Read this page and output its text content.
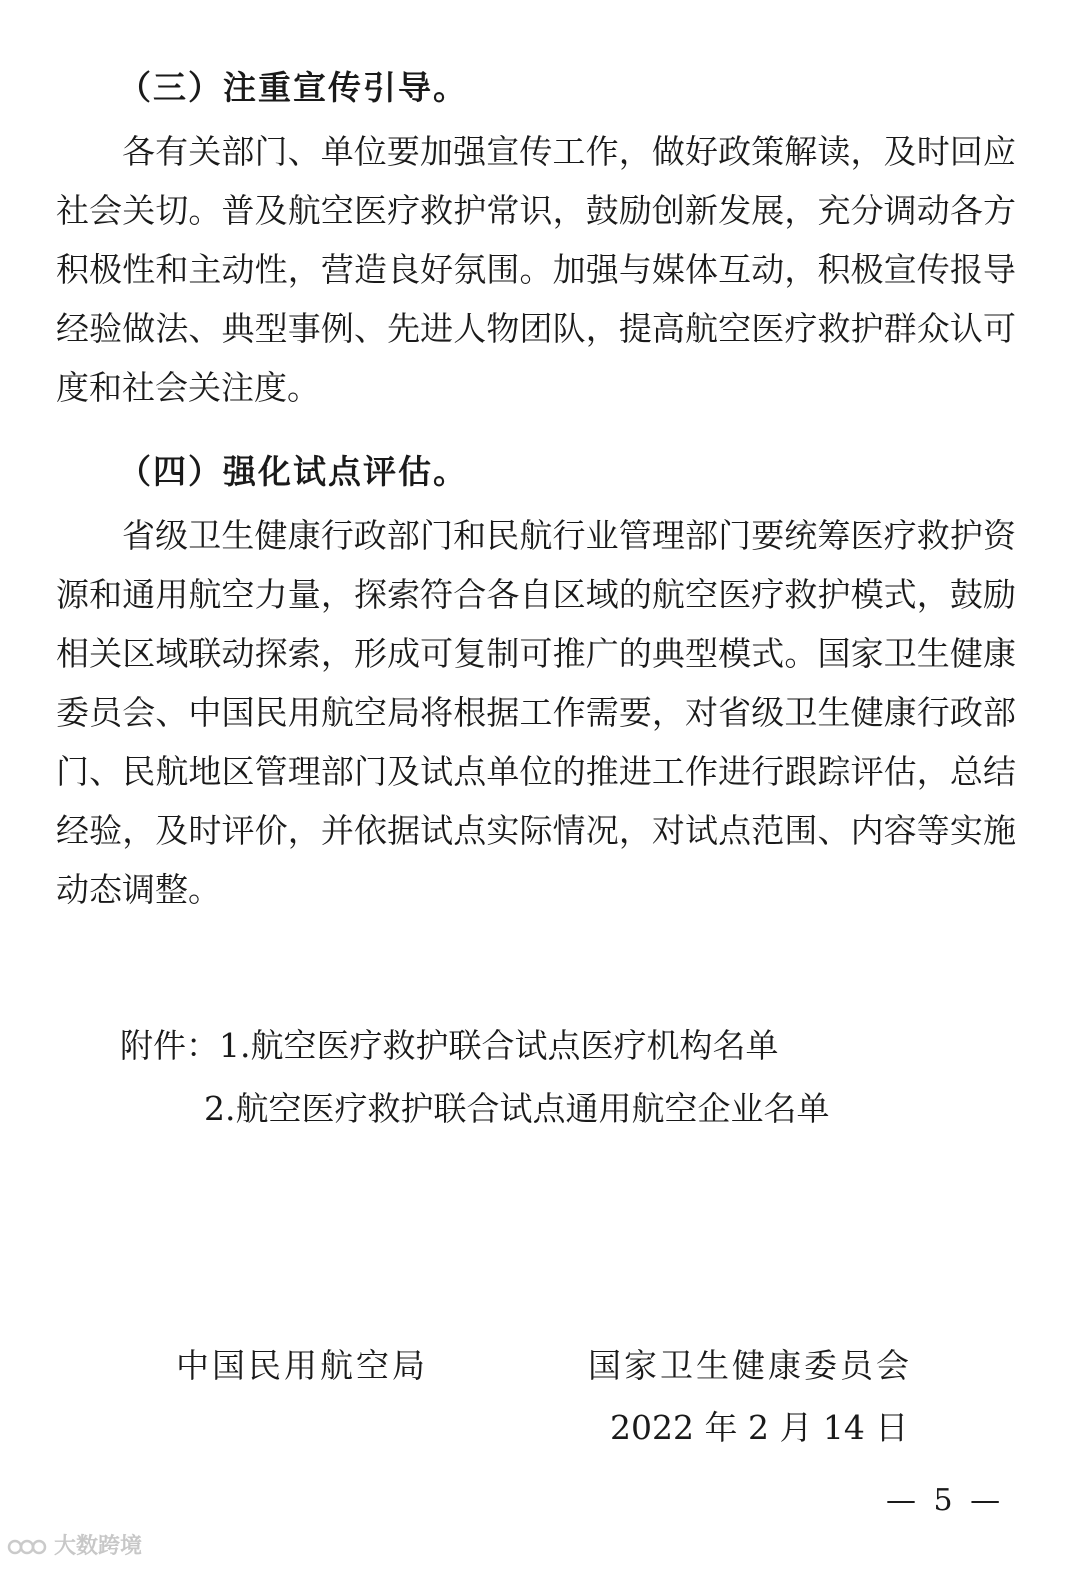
（三）注重宣传引导。
各有关部门、单位要加强宣传工作，做好政策解读，及时回应社会关切。普及航空医疗救护常识，鼓励创新发展，充分调动各方积极性和主动性，营造良好氛围。加强与媒体互动，积极宣传报导经验做法、典型事例、先进人物团队，提高航空医疗救护群众认可度和社会关注度。
（四）强化试点评估。
省级卫生健康行政部门和民航行业管理部门要统筹医疗救护资源和通用航空力量，探索符合各自区域的航空医疗救护模式，鼓励相关区域联动探索，形成可复制可推广的典型模式。国家卫生健康委员会、中国民用航空局将根据工作需要，对省级卫生健康行政部门、民航地区管理部门及试点单位的推进工作进行跟踪评估，总结经验，及时评价，并依据试点实际情况，对试点范围、内容等实施动态调整。
附件：1.航空医疗救护联合试点医疗机构名单
2.航空医疗救护联合试点通用航空企业名单
中国民用航空局	国家卫生健康委员会
2022 年 2 月 14 日
— 5 —
大数跨境
